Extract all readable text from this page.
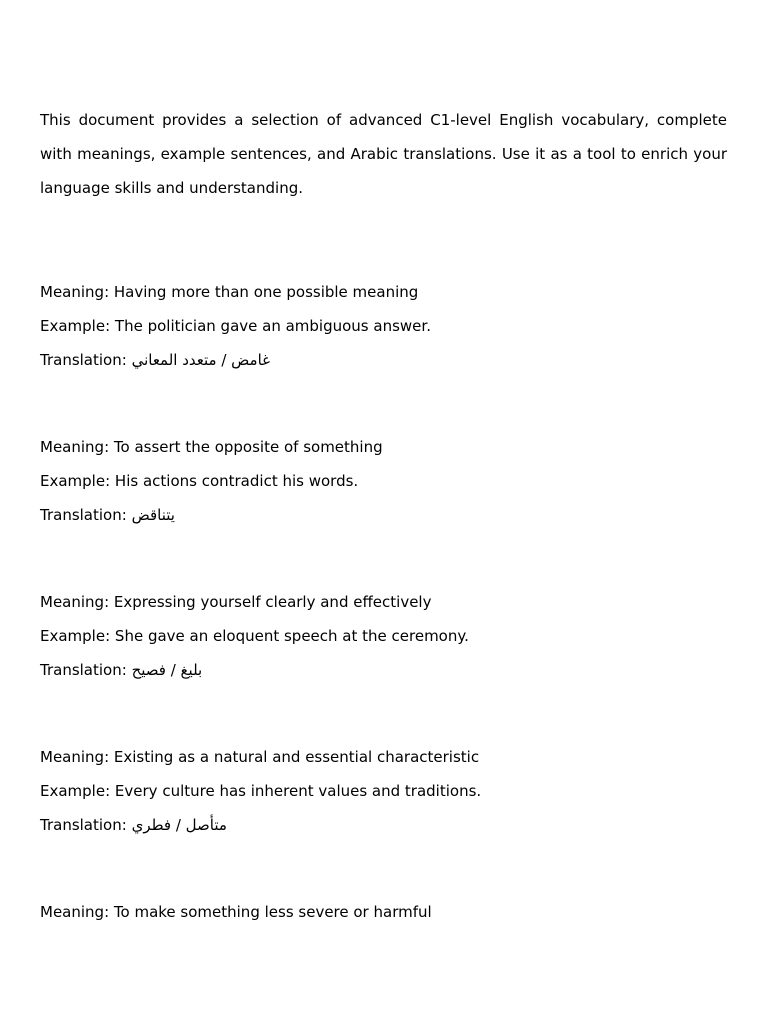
This document provides a selection of advanced C1-level English vocabulary, complete with meanings, example sentences, and Arabic translations. Use it as a tool to enrich your language skills and understanding.

Meaning: Having more than one possible meaning
Example: The politician gave an ambiguous answer.
Translation: غامض / متعدد المعاني
Meaning: To assert the opposite of something
Example: His actions contradict his words.
Translation: يتناقض
Meaning: Expressing yourself clearly and effectively
Example: She gave an eloquent speech at the ceremony.
Translation: بليغ / فصيح
Meaning: Existing as a natural and essential characteristic
Example: Every culture has inherent values and traditions.
Translation: متأصل / فطري
Meaning: To make something less severe or harmful
